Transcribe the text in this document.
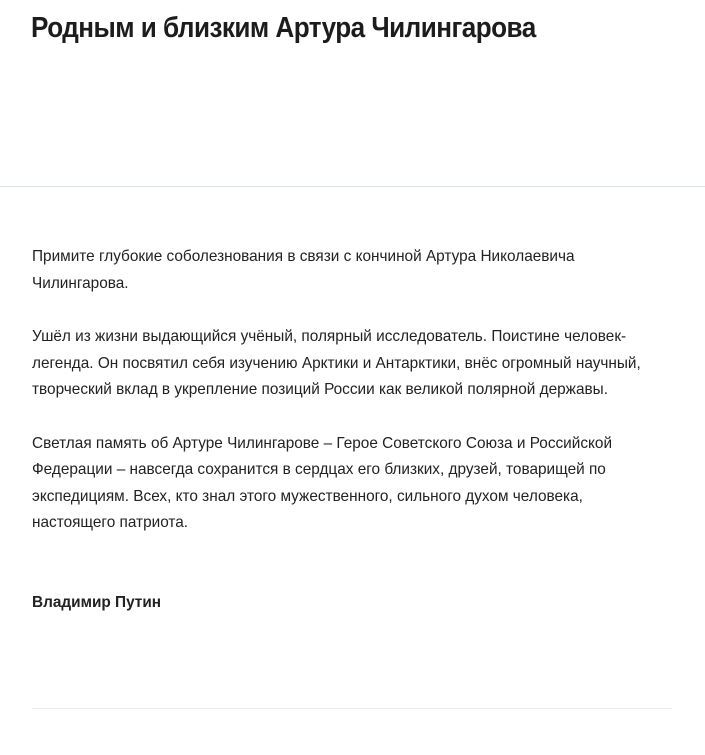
Родным и близким Артура Чилингарова

Примите глубокие соболезнования в связи с кончиной Артура Николаевича Чилингарова.

Ушёл из жизни выдающийся учёный, полярный исследователь. Поистине человек-легенда. Он посвятил себя изучению Арктики и Антарктики, внёс огромный научный, творческий вклад в укрепление позиций России как великой полярной державы.

Светлая память об Артуре Чилингарове – Герое Советского Союза и Российской Федерации – навсегда сохранится в сердцах его близких, друзей, товарищей по экспедициям. Всех, кто знал этого мужественного, сильного духом человека, настоящего патриота.

Владимир Путин
